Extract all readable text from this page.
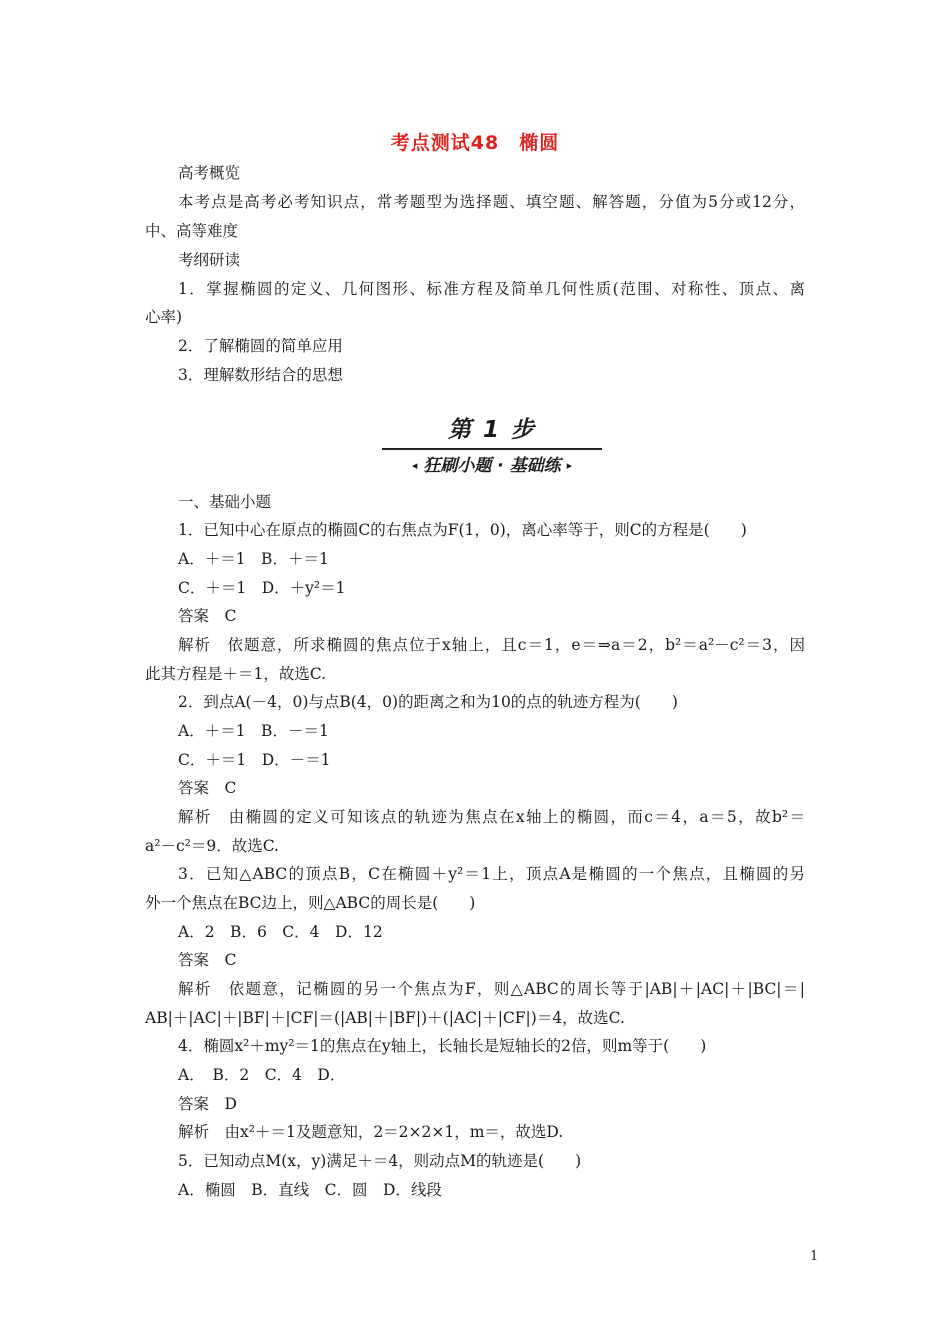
考点测试48　椭圆
高考概览
本考点是高考必考知识点，常考题型为选择题、填空题、解答题，分值为5分或12分，
中、高等难度
考纲研读
1．掌握椭圆的定义、几何图形、标准方程及简单几何性质(范围、对称性、顶点、离
心率)
2．了解椭圆的简单应用
3．理解数形结合的思想
第 1 步
◂ 狂刷小题 · 基础练 ▸
一、基础小题
1．已知中心在原点的椭圆C的右焦点为F(1，0)，离心率等于，则C的方程是(　　)
A．＋＝1　B．＋＝1
C．＋＝1　D．＋y²＝1
答案　C
解析　依题意，所求椭圆的焦点位于x轴上，且c＝1，e＝⇒a＝2，b²＝a²－c²＝3，因
此其方程是＋＝1，故选C.
2．到点A(－4，0)与点B(4，0)的距离之和为10的点的轨迹方程为(　　)
A．＋＝1　B．－＝1
C．＋＝1　D．－＝1
答案　C
解析　由椭圆的定义可知该点的轨迹为焦点在x轴上的椭圆，而c＝4，a＝5，故b²＝
a²－c²＝9．故选C.
3．已知△ABC的顶点B，C在椭圆＋y²＝1上，顶点A是椭圆的一个焦点，且椭圆的另
外一个焦点在BC边上，则△ABC的周长是(　　)
A．2　B．6　C．4　D．12
答案　C
解析　依题意，记椭圆的另一个焦点为F，则△ABC的周长等于|AB|＋|AC|＋|BC|＝|
AB|＋|AC|＋|BF|＋|CF|＝(|AB|＋|BF|)＋(|AC|＋|CF|)＝4，故选C.
4．椭圆x²＋my²＝1的焦点在y轴上，长轴长是短轴长的2倍，则m等于(　　)
A．　B．2　C．4　D．
答案　D
解析　由x²＋＝1及题意知，2＝2×2×1，m＝，故选D.
5．已知动点M(x，y)满足＋＝4，则动点M的轨迹是(　　)
A．椭圆　B．直线　C．圆　D．线段
1
